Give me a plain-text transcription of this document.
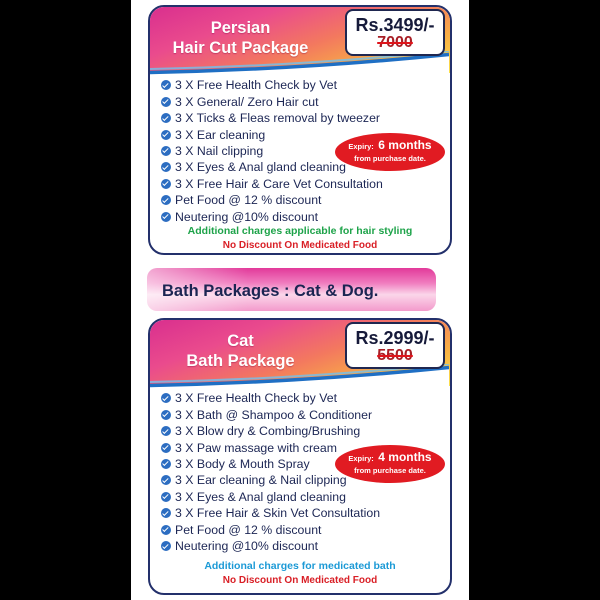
Persian
Hair Cut Package
Rs.3499/-
7000
3 X Free Health Check by Vet
3 X General/ Zero Hair cut
3 X Ticks & Fleas removal by tweezer
3 X Ear cleaning
3 X Nail clipping
3 X Eyes & Anal gland cleaning
3 X Free Hair & Care Vet Consultation
Pet Food @ 12 % discount
Neutering @10% discount
Expiry: 6 months
from purchase date.
Additional charges applicable for hair styling
No Discount On Medicated Food
Bath Packages : Cat & Dog.
Cat
Bath Package
Rs.2999/-
5500
3 X Free Health Check by Vet
3 X Bath @ Shampoo & Conditioner
3 X Blow dry & Combing/Brushing
3 X Paw massage with cream
3 X Body & Mouth Spray
3 X Ear cleaning & Nail clipping
3 X Eyes & Anal gland cleaning
3 X Free Hair & Skin Vet Consultation
Pet Food @ 12 % discount
Neutering @10% discount
Expiry: 4 months
from purchase date.
Additional charges for medicated bath
No Discount On Medicated Food
